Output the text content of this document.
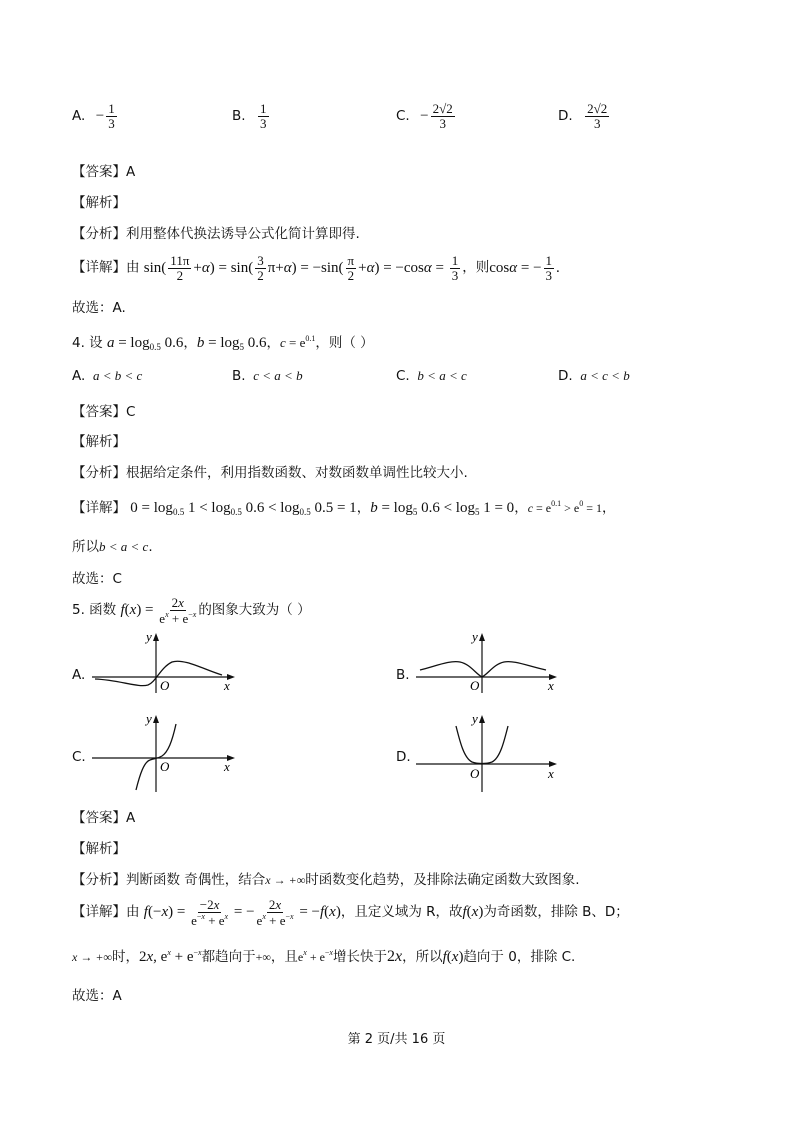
A. − $\frac{1}{3}$	B. $\frac{1}{3}$	C. − $\frac{2√2}{3}$	D. $\frac{2√2}{3}$
【答案】A
【解析】
【分析】利用整体代换法诱导公式化简计算即得.
【详解】由 $\sin( \frac{11\pi}{2} +\alpha) = \sin( \frac{3}{2} \pi+\alpha) = -\sin( \frac{\pi}{2} +\alpha) = -\cos\alpha = \frac{1}{3}$ ，则cosα = − $\frac{1}{3}$ .
故选：A.
4. 设 $a = \log_{0.5} 0.6$，$b = \log_5 0.6$，$c = e^{0.1}$，则（ ）
A.  a < b < c	B.  c < a < b	C.  b < a < c	D.  a < c < b
【答案】C
【解析】
【分析】根据给定条件，利用指数函数、对数函数单调性比较大小.
【详解】 $0 = \log_{0.5} 1 < \log_{0.5} 0.6 < \log_{0.5} 0.5 = 1$，$b = \log_5 0.6 < \log_5 1 = 0$，$c = e^{0.1} > e^0 = 1$，
所以b < a < c.
故选：C
5. 函数 $f(x) = \frac{2x}{e^x + e^{-x}}$ 的图象大致为（ ）
A.
y
O	x
B.
y
O	x
C.
y
O	x
D.
y
O	x
【答案】A
【解析】
【分析】判断函数 奇偶性，结合x → +∞时函数变化趋势，及排除法确定函数大致图象.
【详解】由 $f(-x) = \frac{-2x}{e^{-x} + e^x}$ = − $\frac{2x}{e^x + e^{-x}} = -f(x)$，且定义域为 R，故f(x)为奇函数，排除 B、D；
x → +∞时，2x, $e^x + e^{-x}$都趋向于+∞，且$e^x + e^{-x}$增长快于2x，所以f(x)趋向于 0，排除 C.
故选：A
第 2 页/共 16 页
